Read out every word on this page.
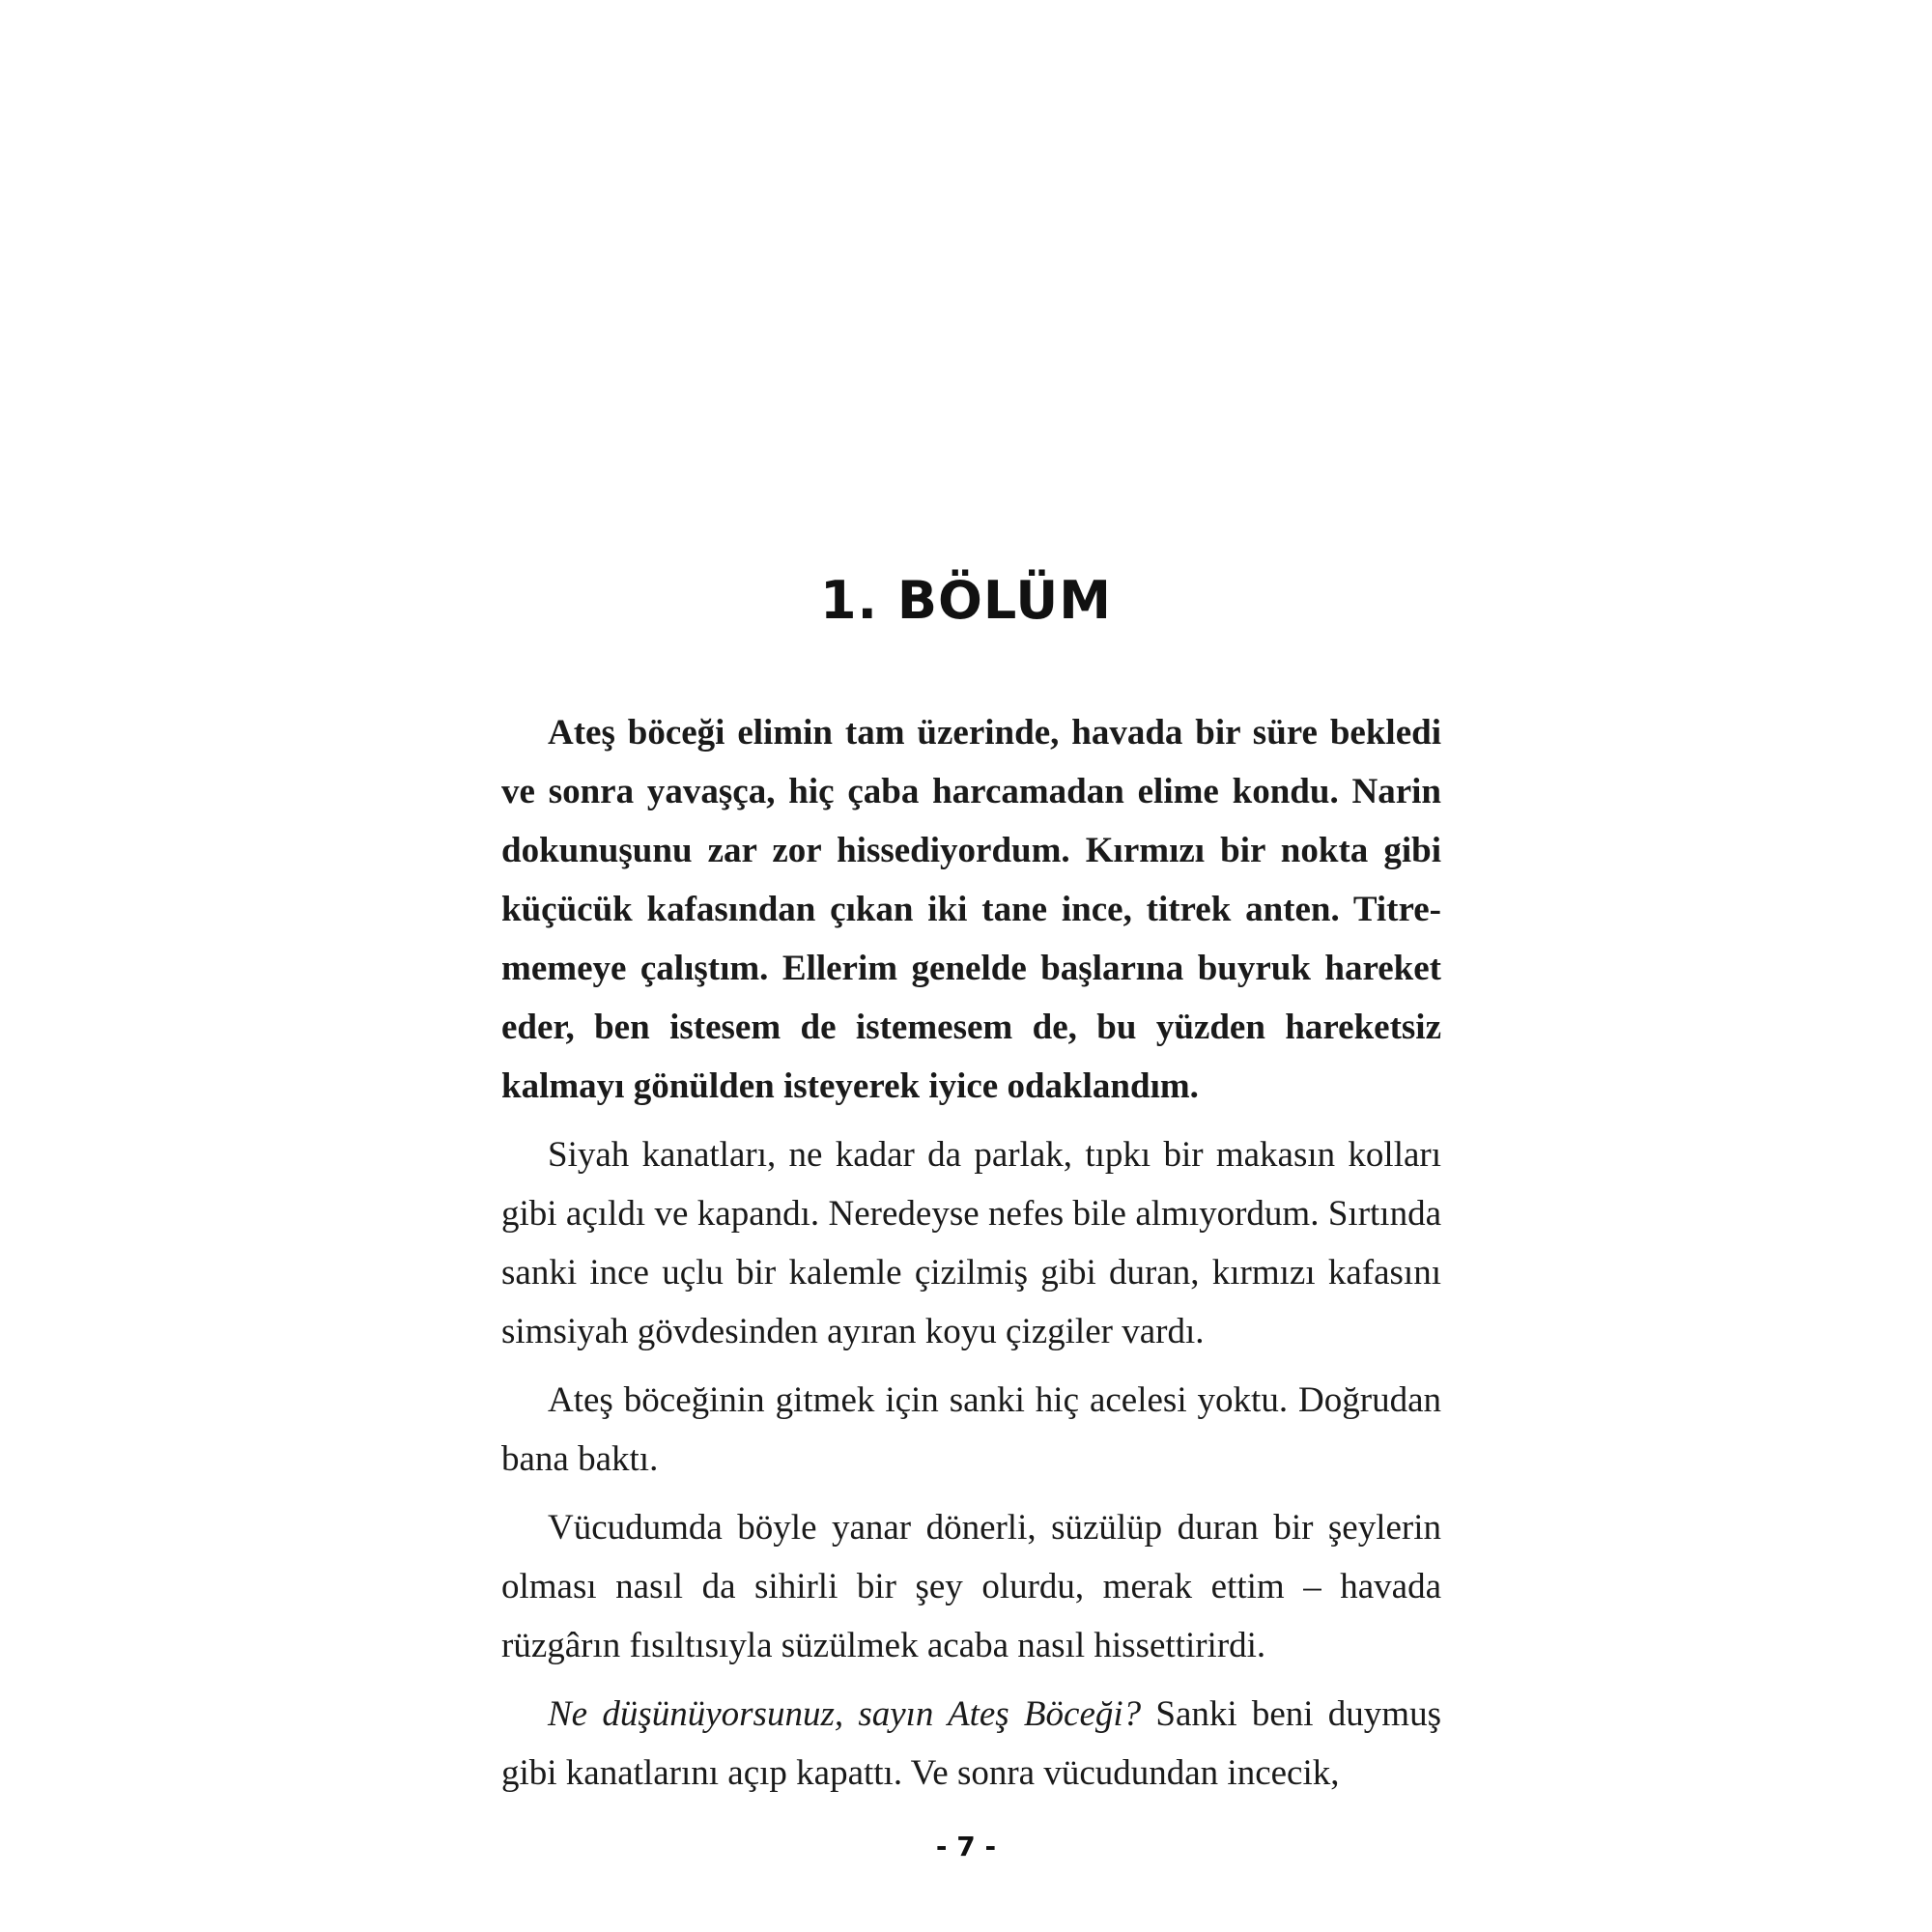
1. BÖLÜM

Ateş böceği elimin tam üzerinde, havada bir süre bekledi ve sonra yavaşça, hiç çaba harcamadan elime kondu. Narin dokunuşunu zar zor hissediyordum. Kırmızı bir nokta gibi küçücük kafasından çıkan iki tane ince, titrek anten. Titrememeye çalıştım. Ellerim genelde başlarına buyruk hareket eder, ben istesem de istemesem de, bu yüzden hareketsiz kalmayı gönülden isteyerek iyice odaklandım.

Siyah kanatları, ne kadar da parlak, tıpkı bir makasın kolları gibi açıldı ve kapandı. Neredeyse nefes bile almıyordum. Sırtında sanki ince uçlu bir kalemle çizilmiş gibi duran, kırmızı kafasını simsiyah gövdesinden ayıran koyu çizgiler vardı.

Ateş böceğinin gitmek için sanki hiç acelesi yoktu. Doğrudan bana baktı.

Vücudumda böyle yanar dönerli, süzülüp duran bir şeylerin olması nasıl da sihirli bir şey olurdu, merak ettim – havada rüzgârın fısıltısıyla süzülmek acaba nasıl hissettirirdi.

Ne düşünüyorsunuz, sayın Ateş Böceği? Sanki beni duymuş gibi kanatlarını açıp kapattı. Ve sonra vücudundan incecik,

- 7 -
